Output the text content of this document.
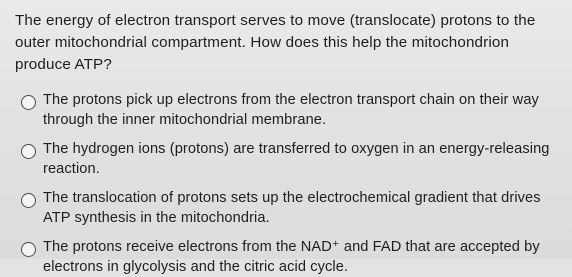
The energy of electron transport serves to move (translocate) protons to the outer mitochondrial compartment. How does this help the mitochondrion produce ATP?

The protons pick up electrons from the electron transport chain on their way through the inner mitochondrial membrane.
The hydrogen ions (protons) are transferred to oxygen in an energy-releasing reaction.
The translocation of protons sets up the electrochemical gradient that drives ATP synthesis in the mitochondria.
The protons receive electrons from the NAD⁺ and FAD that are accepted by electrons in glycolysis and the citric acid cycle.
